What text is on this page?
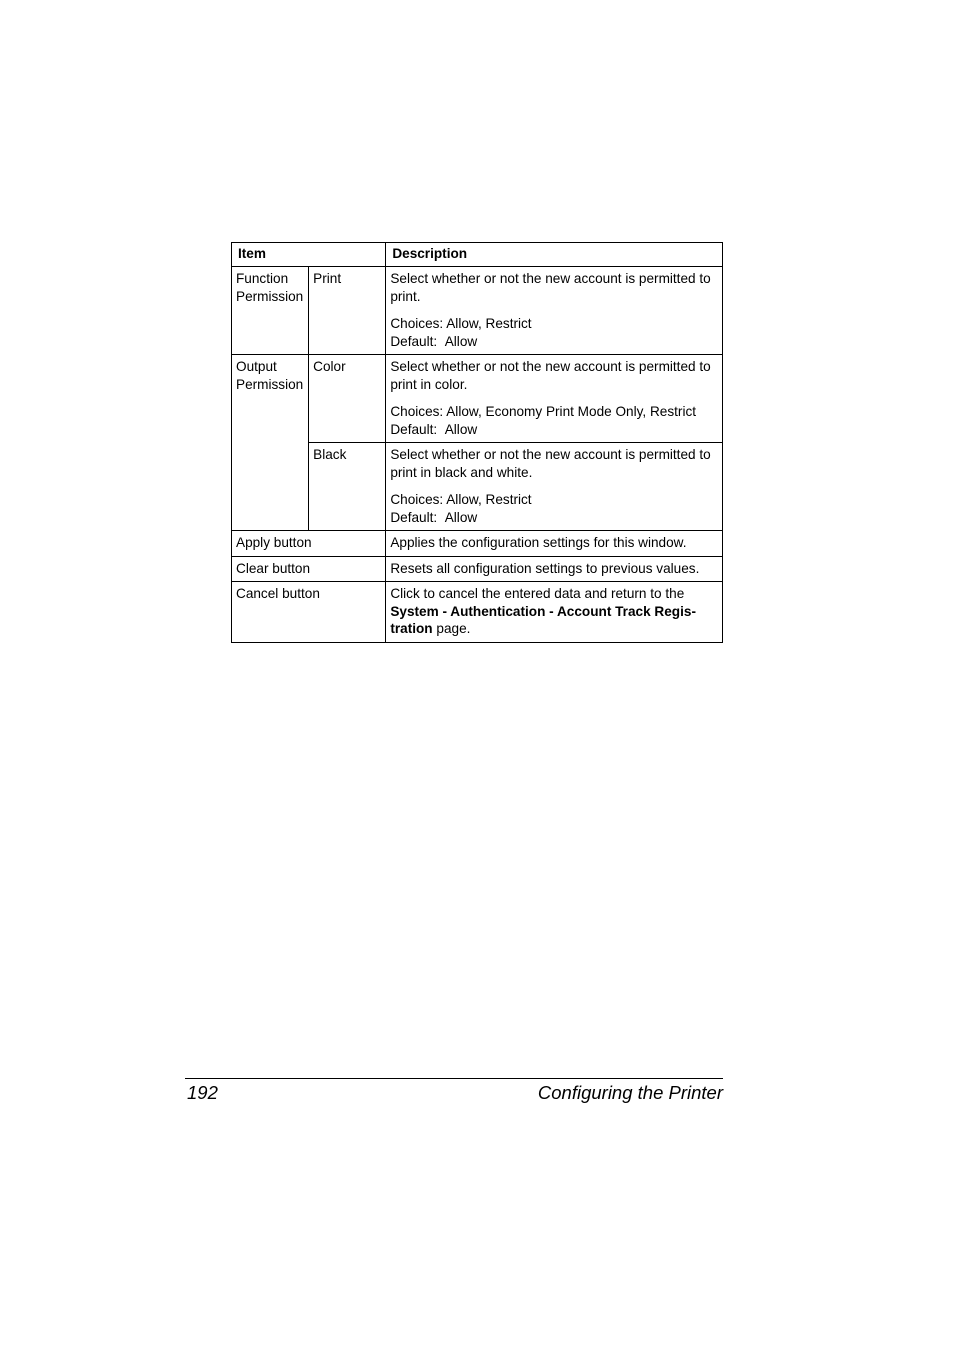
Item		Description
Function Permission	Print	Select whether or not the new account is permitted to print.
Choices: Allow, Restrict
Default:  Allow

Output Permission	Color	Select whether or not the new account is permitted to print in color.
Choices: Allow, Economy Print Mode Only, Restrict
Default:  Allow

	Black	Select whether or not the new account is permitted to print in black and white.
Choices: Allow, Restrict
Default:  Allow

Apply button		Applies the configuration settings for this window.
Clear button		Resets all configuration settings to previous values.
Cancel button		Click to cancel the entered data and return to the System - Authentication - Account Track Regis-tration page.
192	Configuring the Printer
